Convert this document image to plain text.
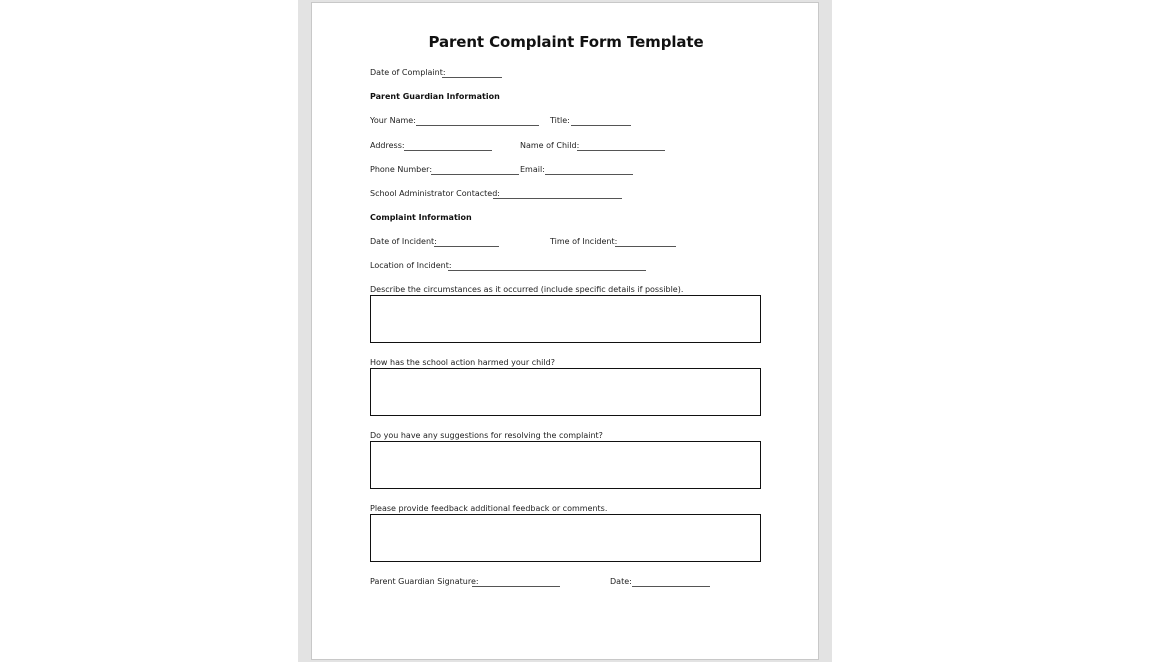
Parent Complaint Form Template
Date of Complaint:
Parent Guardian Information
Your Name:	Title:
Address:	Name of Child:
Phone Number:	Email:
School Administrator Contacted:
Complaint Information
Date of Incident:	Time of Incident:
Location of Incident:
Describe the circumstances as it occurred (include specific details if possible).
How has the school action harmed your child?
Do you have any suggestions for resolving the complaint?
Please provide feedback additional feedback or comments.
Parent Guardian Signature:	Date:
